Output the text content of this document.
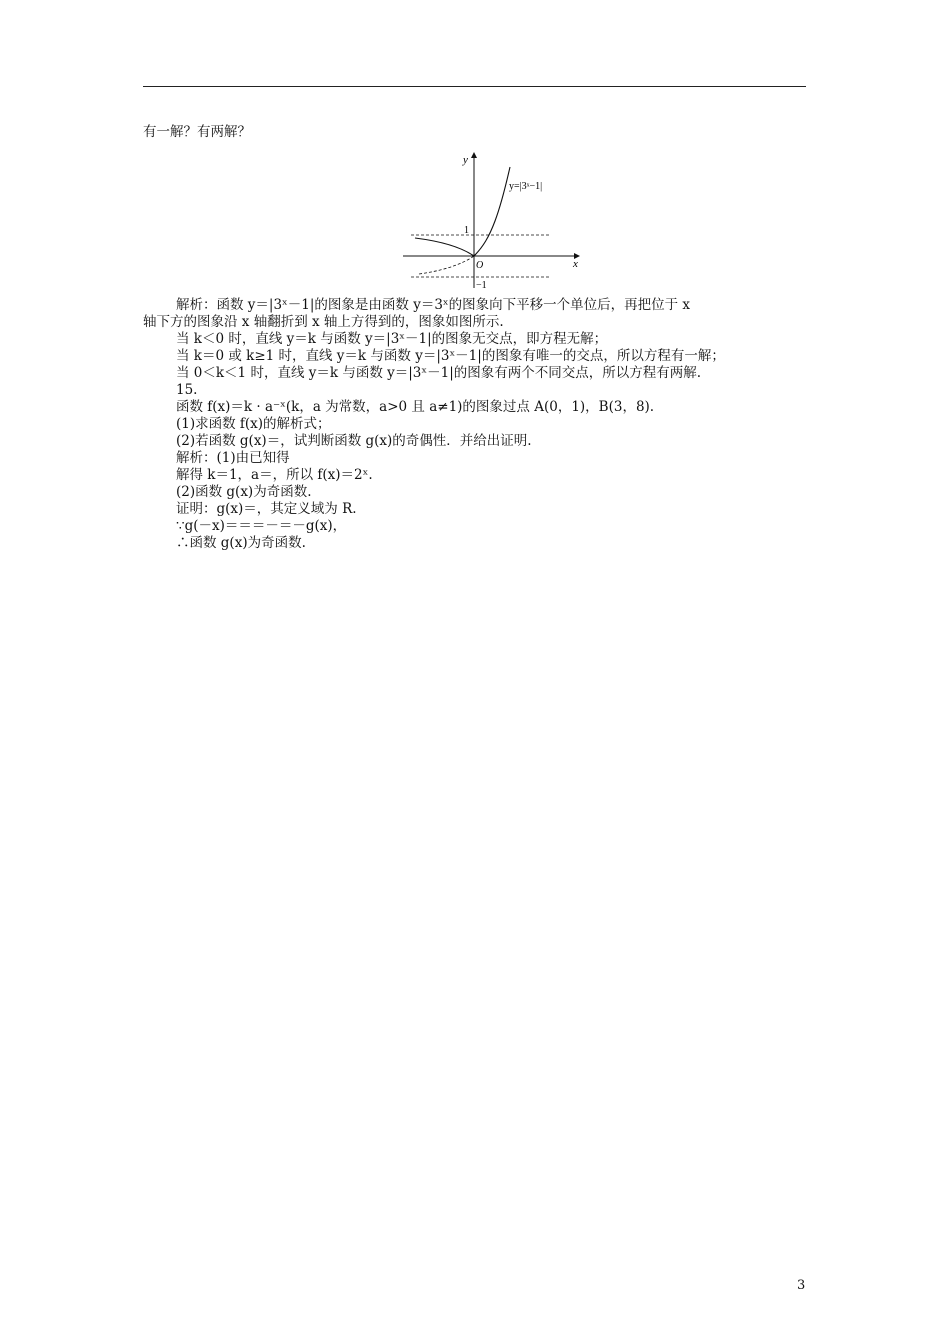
有一解？有两解？
y
x
O
1
−1
y=|3ˣ−1|
解析：函数 y＝|3ˣ－1|的图象是由函数 y＝3ˣ的图象向下平移一个单位后，再把位于 x
轴下方的图象沿 x 轴翻折到 x 轴上方得到的，图象如图所示.
当 k＜0 时，直线 y＝k 与函数 y＝|3ˣ－1|的图象无交点，即方程无解；
当 k＝0 或 k≥1 时，直线 y＝k 与函数 y＝|3ˣ－1|的图象有唯一的交点，所以方程有一解；
当 0＜k＜1 时，直线 y＝k 与函数 y＝|3ˣ－1|的图象有两个不同交点，所以方程有两解.
15.
函数 f(x)＝k · a⁻ˣ(k，a 为常数，a>0 且 a≠1)的图象过点 A(0，1)，B(3，8).
(1)求函数 f(x)的解析式；
(2)若函数 g(x)＝，试判断函数 g(x)的奇偶性．并给出证明.
解析：(1)由已知得
解得 k＝1，a＝，所以 f(x)＝2ˣ.
(2)函数 g(x)为奇函数.
证明：g(x)＝，其定义域为 R.
∵g(－x)＝＝＝－＝－g(x)，
∴函数 g(x)为奇函数.
3
